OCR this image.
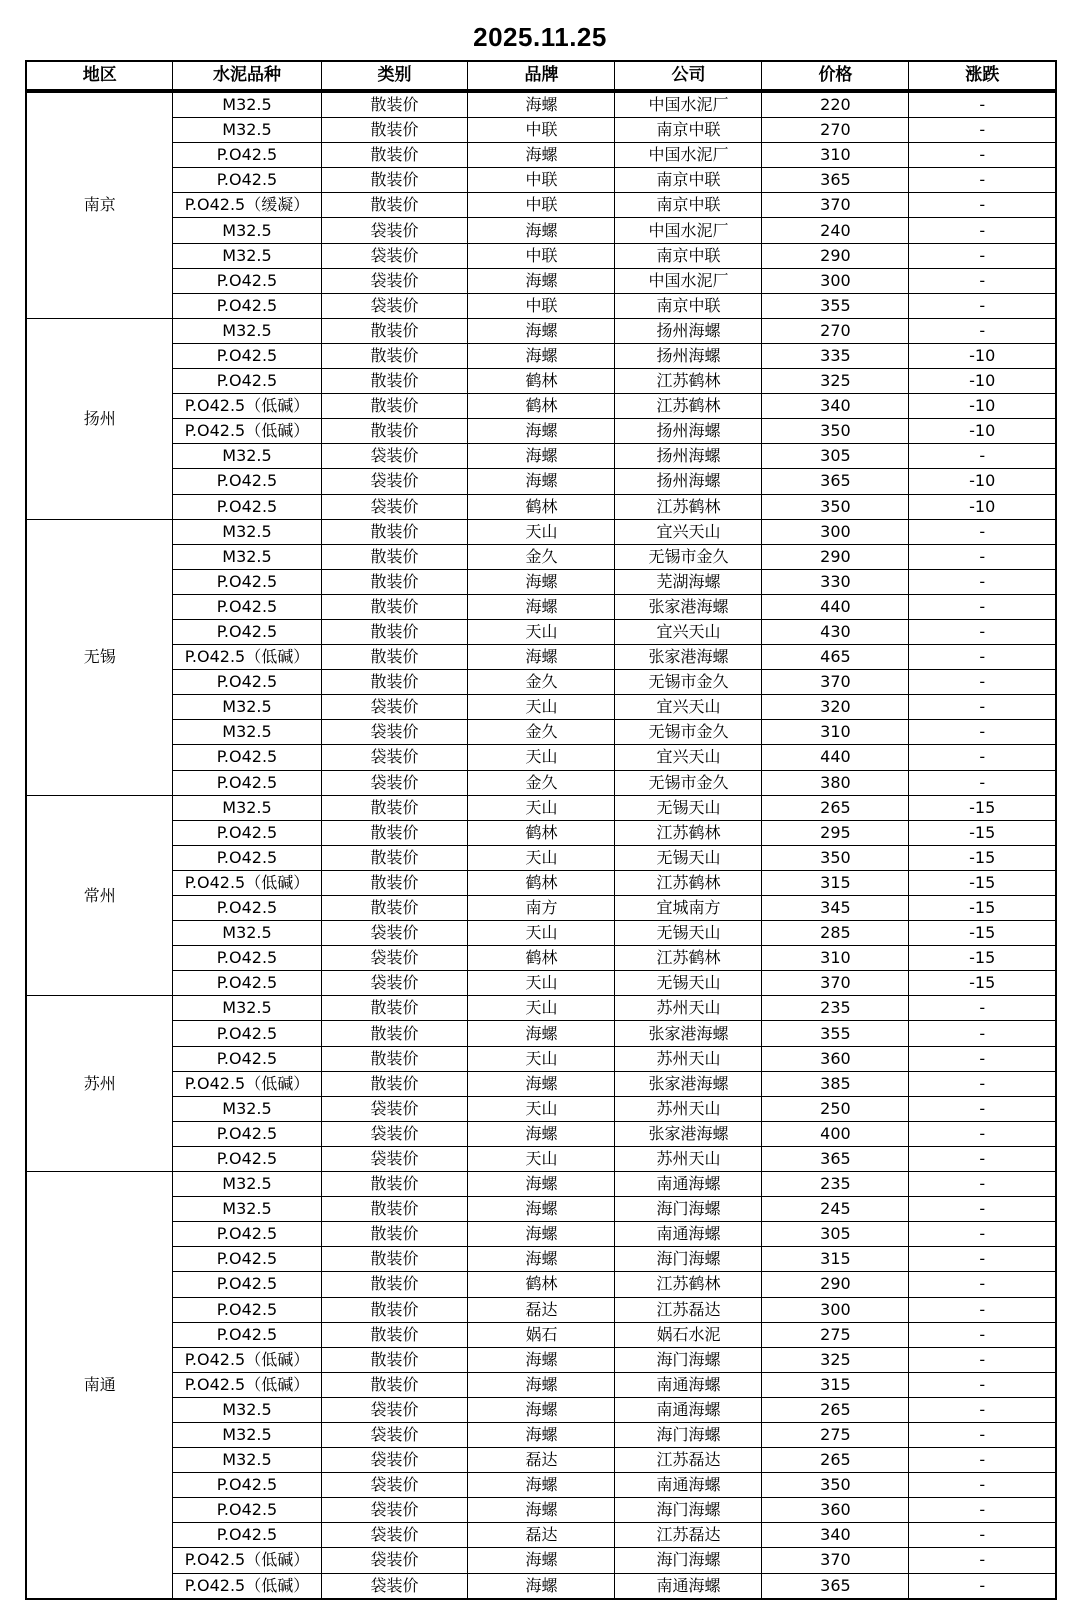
2025.11.25
地区	水泥品种	类别	品牌	公司	价格	涨跌
南京	M32.5	散装价	海螺	中国水泥厂	220	-
	M32.5	散装价	中联	南京中联	270	-
	P.O42.5	散装价	海螺	中国水泥厂	310	-
	P.O42.5	散装价	中联	南京中联	365	-
	P.O42.5（缓凝）	散装价	中联	南京中联	370	-
	M32.5	袋装价	海螺	中国水泥厂	240	-
	M32.5	袋装价	中联	南京中联	290	-
	P.O42.5	袋装价	海螺	中国水泥厂	300	-
	P.O42.5	袋装价	中联	南京中联	355	-
扬州	M32.5	散装价	海螺	扬州海螺	270	-
	P.O42.5	散装价	海螺	扬州海螺	335	-10
	P.O42.5	散装价	鹤林	江苏鹤林	325	-10
	P.O42.5（低碱）	散装价	鹤林	江苏鹤林	340	-10
	P.O42.5（低碱）	散装价	海螺	扬州海螺	350	-10
	M32.5	袋装价	海螺	扬州海螺	305	-
	P.O42.5	袋装价	海螺	扬州海螺	365	-10
	P.O42.5	袋装价	鹤林	江苏鹤林	350	-10
无锡	M32.5	散装价	天山	宜兴天山	300	-
	M32.5	散装价	金久	无锡市金久	290	-
	P.O42.5	散装价	海螺	芜湖海螺	330	-
	P.O42.5	散装价	海螺	张家港海螺	440	-
	P.O42.5	散装价	天山	宜兴天山	430	-
	P.O42.5（低碱）	散装价	海螺	张家港海螺	465	-
	P.O42.5	散装价	金久	无锡市金久	370	-
	M32.5	袋装价	天山	宜兴天山	320	-
	M32.5	袋装价	金久	无锡市金久	310	-
	P.O42.5	袋装价	天山	宜兴天山	440	-
	P.O42.5	袋装价	金久	无锡市金久	380	-
常州	M32.5	散装价	天山	无锡天山	265	-15
	P.O42.5	散装价	鹤林	江苏鹤林	295	-15
	P.O42.5	散装价	天山	无锡天山	350	-15
	P.O42.5（低碱）	散装价	鹤林	江苏鹤林	315	-15
	P.O42.5	散装价	南方	宜城南方	345	-15
	M32.5	袋装价	天山	无锡天山	285	-15
	P.O42.5	袋装价	鹤林	江苏鹤林	310	-15
	P.O42.5	袋装价	天山	无锡天山	370	-15
苏州	M32.5	散装价	天山	苏州天山	235	-
	P.O42.5	散装价	海螺	张家港海螺	355	-
	P.O42.5	散装价	天山	苏州天山	360	-
	P.O42.5（低碱）	散装价	海螺	张家港海螺	385	-
	M32.5	袋装价	天山	苏州天山	250	-
	P.O42.5	袋装价	海螺	张家港海螺	400	-
	P.O42.5	袋装价	天山	苏州天山	365	-
南通	M32.5	散装价	海螺	南通海螺	235	-
	M32.5	散装价	海螺	海门海螺	245	-
	P.O42.5	散装价	海螺	南通海螺	305	-
	P.O42.5	散装价	海螺	海门海螺	315	-
	P.O42.5	散装价	鹤林	江苏鹤林	290	-
	P.O42.5	散装价	磊达	江苏磊达	300	-
	P.O42.5	散装价	娲石	娲石水泥	275	-
	P.O42.5（低碱）	散装价	海螺	海门海螺	325	-
	P.O42.5（低碱）	散装价	海螺	南通海螺	315	-
	M32.5	袋装价	海螺	南通海螺	265	-
	M32.5	袋装价	海螺	海门海螺	275	-
	M32.5	袋装价	磊达	江苏磊达	265	-
	P.O42.5	袋装价	海螺	南通海螺	350	-
	P.O42.5	袋装价	海螺	海门海螺	360	-
	P.O42.5	袋装价	磊达	江苏磊达	340	-
	P.O42.5（低碱）	袋装价	海螺	海门海螺	370	-
	P.O42.5（低碱）	袋装价	海螺	南通海螺	365	-
